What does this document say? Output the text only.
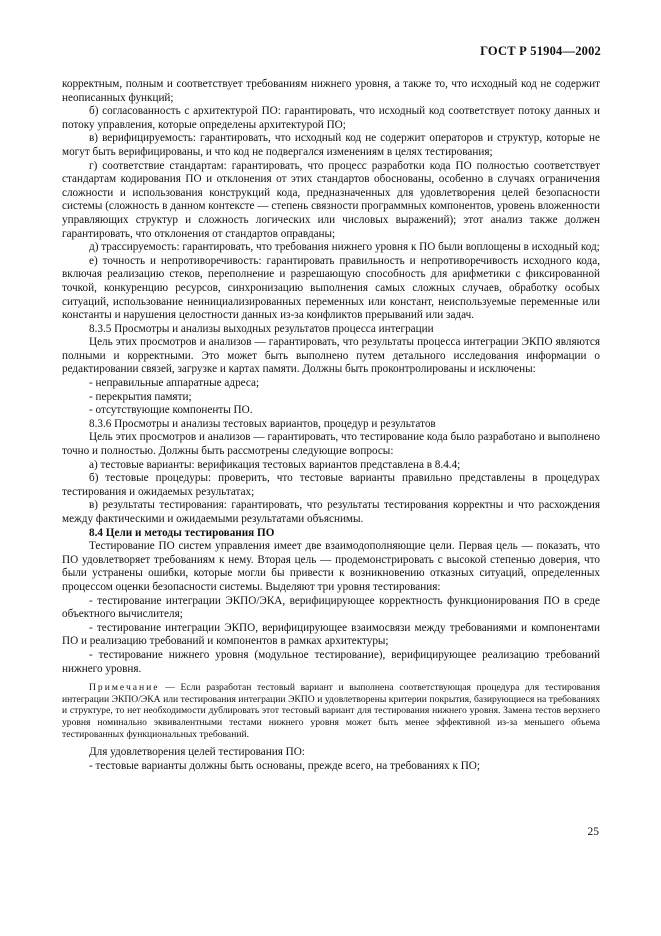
ГОСТ Р 51904—2002

корректным, полным и соответствует требованиям нижнего уровня, а также то, что исходный код не содержит неописанных функций;

б) согласованность с архитектурой ПО: гарантировать, что исходный код соответствует потоку данных и потоку управления, которые определены архитектурой ПО;

в) верифицируемость: гарантировать, что исходный код не содержит операторов и структур, которые не могут быть верифицированы, и что код не подвергался изменениям в целях тестирования;

г) соответствие стандартам: гарантировать, что процесс разработки кода ПО полностью соответствует стандартам кодирования ПО и отклонения от этих стандартов обоснованы, особенно в случаях ограничения сложности и использования конструкций кода, предназначенных для удовлетворения целей безопасности системы (сложность в данном контексте — степень связности программных компонентов, уровень вложенности управляющих структур и сложность логических или числовых выражений); этот анализ также должен гарантировать, что отклонения от стандартов оправданы;

д) трассируемость: гарантировать, что требования нижнего уровня к ПО были воплощены в исходный код;

е) точность и непротиворечивость: гарантировать правильность и непротиворечивость исходного кода, включая реализацию стеков, переполнение и разрешающую способность для арифметики с фиксированной точкой, конкуренцию ресурсов, синхронизацию выполнения самых сложных случаев, обработку особых ситуаций, использование неинициализированных переменных или констант, неиспользуемые переменные или константы и нарушения целостности данных из-за конфликтов прерываний или задач.

8.3.5 Просмотры и анализы выходных результатов процесса интеграции

Цель этих просмотров и анализов — гарантировать, что результаты процесса интеграции ЭКПО являются полными и корректными. Это может быть выполнено путем детального исследования информации о редактировании связей, загрузке и картах памяти. Должны быть проконтролированы и исключены:

- неправильные аппаратные адреса;

- перекрытия памяти;

- отсутствующие компоненты ПО.

8.3.6 Просмотры и анализы тестовых вариантов, процедур и результатов

Цель этих просмотров и анализов — гарантировать, что тестирование кода было разработано и выполнено точно и полностью. Должны быть рассмотрены следующие вопросы:

а) тестовые варианты: верификация тестовых вариантов представлена в 8.4.4;

б) тестовые процедуры: проверить, что тестовые варианты правильно представлены в процедурах тестирования и ожидаемых результатах;

в) результаты тестирования: гарантировать, что результаты тестирования корректны и что расхождения между фактическими и ожидаемыми результатами объяснимы.

8.4 Цели и методы тестирования ПО

Тестирование ПО систем управления имеет две взаимодополняющие цели. Первая цель — показать, что ПО удовлетворяет требованиям к нему. Вторая цель — продемонстрировать с высокой степенью доверия, что были устранены ошибки, которые могли бы привести к возникновению отказных ситуаций, определенных процессом оценки безопасности системы. Выделяют три уровня тестирования:

- тестирование интеграции ЭКПО/ЭКА, верифицирующее корректность функционирования ПО в среде объектного вычислителя;

- тестирование интеграции ЭКПО, верифицирующее взаимосвязи между требованиями и компонентами ПО и реализацию требований и компонентов в рамках архитектуры;

- тестирование нижнего уровня (модульное тестирование), верифицирующее реализацию требований нижнего уровня.

Примечание — Если разработан тестовый вариант и выполнена соответствующая процедура для тестирования интеграции ЭКПО/ЭКА или тестирования интеграции ЭКПО и удовлетворены критерии покрытия, базирующиеся на требованиях и структуре, то нет необходимости дублировать этот тестовый вариант для тестирования нижнего уровня. Замена тестов верхнего уровня номинально эквивалентными тестами нижнего уровня может быть менее эффективной из-за меньшего объема тестированных функциональных требований.

Для удовлетворения целей тестирования ПО:

- тестовые варианты должны быть основаны, прежде всего, на требованиях к ПО;

25
